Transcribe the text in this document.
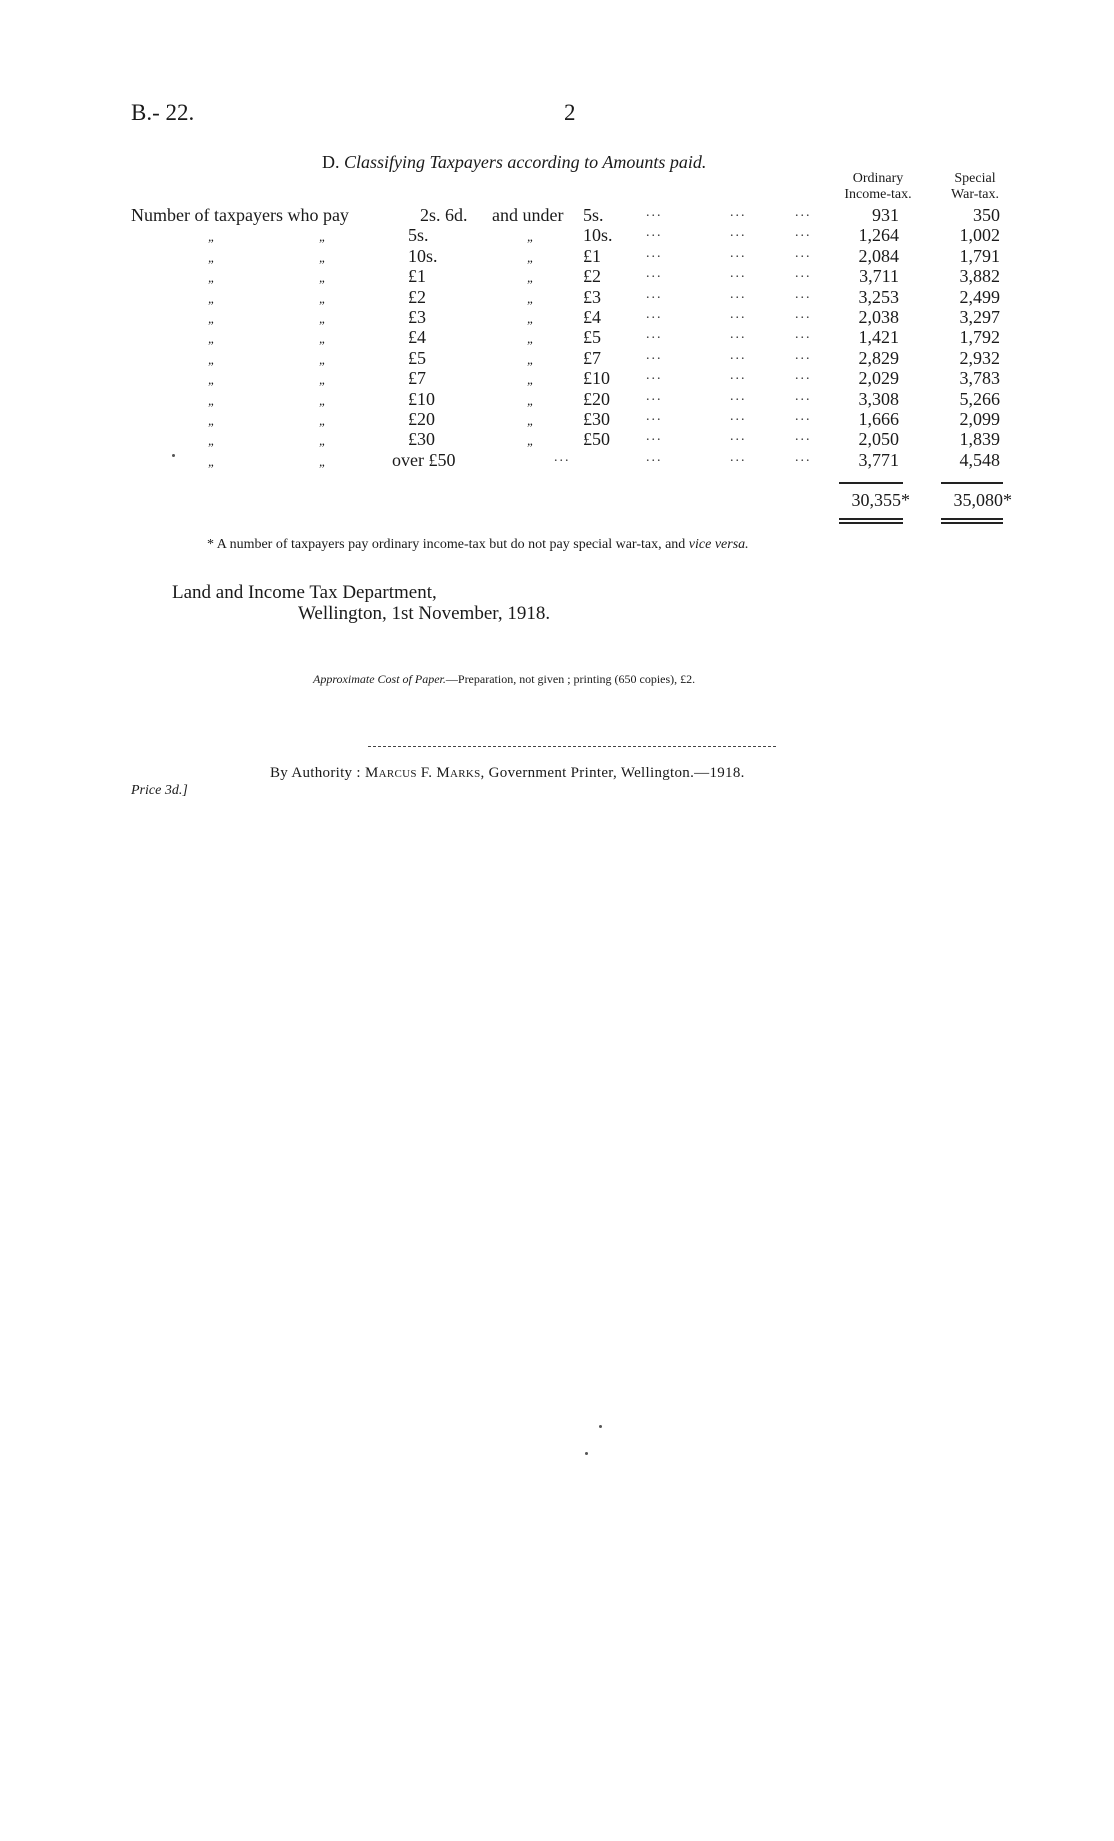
B.- 22.	2
D. Classifying Taxpayers according to Amounts paid.
Ordinary
Income-tax.
Special
War-tax.
Number of taxpayers who pay	2s. 6d. and under 5s.	...	...	...	931	350
„	„	5s.	„	10s. ...	...	...	1,264	1,002
„	„	10s.	„	£1	...	...	...	2,084	1,791
„	„	£1	„	£2	...	...	...	3,711	3,882
„	„	£2	„	£3	...	...	...	3,253	2,499
„	„	£3	„	£4	...	...	...	2,038	3,297
„	„	£4	„	£5	...	...	...	1,421	1,792
„	„	£5	„	£7	...	...	...	2,829	2,932
„	„	£7	„	£10	...	...	...	2,029	3,783
„	„	£10	„	£20	...	...	...	3,308	5,266
„	„	£20	„	£30	...	...	...	1,666	2,099
„	„	£30	„	£50	...	...	...	2,050	1,839
„	„	over £50	...	...	...	...	3,771	4,548
30,355*	35,080*
* A number of taxpayers pay ordinary income-tax but do not pay special war-tax, and vice versa.
Land and Income Tax Department,
Wellington, 1st November, 1918.
Approximate Cost of Paper.—Preparation, not given ; printing (650 copies), £2.
By Authority : Marcus F. Marks, Government Printer, Wellington.—1918.
Price 3d.]
